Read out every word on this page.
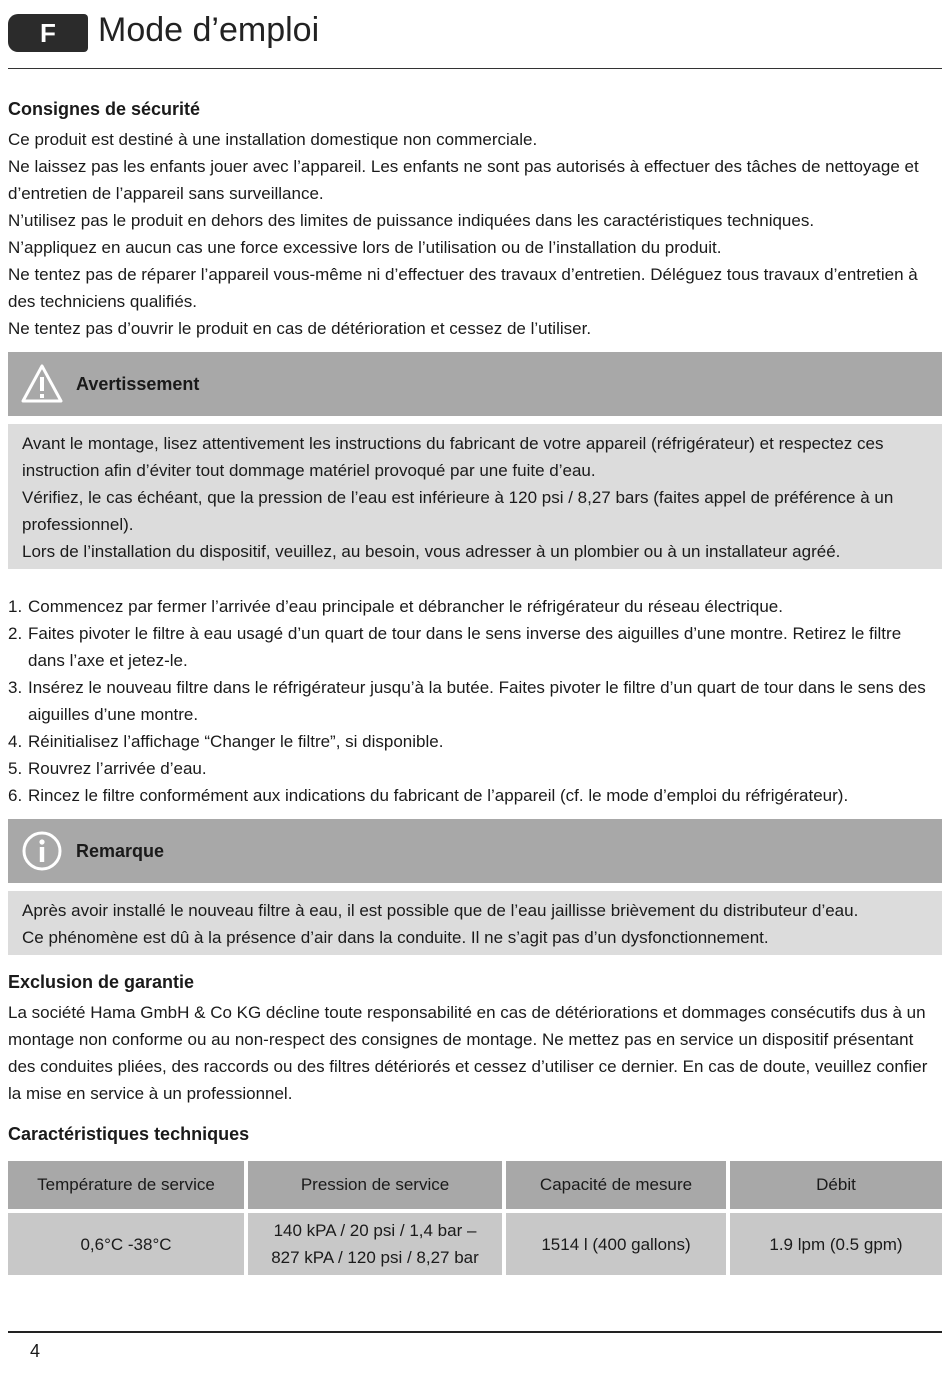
F	Mode d’emploi
Consignes de sécurité

Ce produit est destiné à une installation domestique non commerciale.

Ne laissez pas les enfants jouer avec l’appareil. Les enfants ne sont pas autorisés à effectuer des tâches de nettoyage et d’entretien de l’appareil sans surveillance.

N’utilisez pas le produit en dehors des limites de puissance indiquées dans les caractéristiques techniques.

N’appliquez en aucun cas une force excessive lors de l’utilisation ou de l’installation du produit.

Ne tentez pas de réparer l’appareil vous-même ni d’effectuer des travaux d’entretien. Déléguez tous travaux d’entretien à des techniciens qualifiés.

Ne tentez pas d’ouvrir le produit en cas de détérioration et cessez de l’utiliser.

Avertissement

Avant le montage, lisez attentivement les instructions du fabricant de votre appareil (réfrigérateur) et respectez ces instruction afin d’éviter tout dommage matériel provoqué par une fuite d’eau.

Vérifiez, le cas échéant, que la pression de l’eau est inférieure à 120 psi / 8,27 bars (faites appel de préférence à un professionnel).

Lors de l’installation du dispositif, veuillez, au besoin, vous adresser à un plombier ou à un installateur agréé.

1. Commencez par fermer l’arrivée d’eau principale et débrancher le réfrigérateur du réseau électrique.
2. Faites pivoter le filtre à eau usagé d’un quart de tour dans le sens inverse des aiguilles d’une montre. Retirez le filtre dans l’axe et jetez-le.
3. Insérez le nouveau filtre dans le réfrigérateur jusqu’à la butée. Faites pivoter le filtre d’un quart de tour dans le sens des aiguilles d’une montre.
4. Réinitialisez l’affichage “Changer le filtre”, si disponible.
5. Rouvrez l’arrivée d’eau.
6. Rincez le filtre conformément aux indications du fabricant de l’appareil (cf. le mode d’emploi du réfrigérateur).
Remarque

Après avoir installé le nouveau filtre à eau, il est possible que de l’eau jaillisse brièvement du distributeur d’eau.

Ce phénomène est dû à la présence d’air dans la conduite. Il ne s’agit pas d’un dysfonctionnement.

Exclusion de garantie

La société Hama GmbH & Co KG décline toute responsabilité en cas de détériorations et dommages consécutifs dus à un montage non conforme ou au non-respect des consignes de montage. Ne mettez pas en service un dispositif présentant des conduites pliées, des raccords ou des filtres détériorés et cessez d’utiliser ce dernier. En cas de doute, veuillez confier la mise en service à un professionnel.

Caractéristiques techniques
Température de service	Pression de service	Capacité de mesure	Débit
0,6°C -38°C	140 kPA / 20 psi / 1,4 bar – 827 kPA / 120 psi / 8,27 bar	1514 l (400 gallons)	1.9 lpm (0.5 gpm)
4
